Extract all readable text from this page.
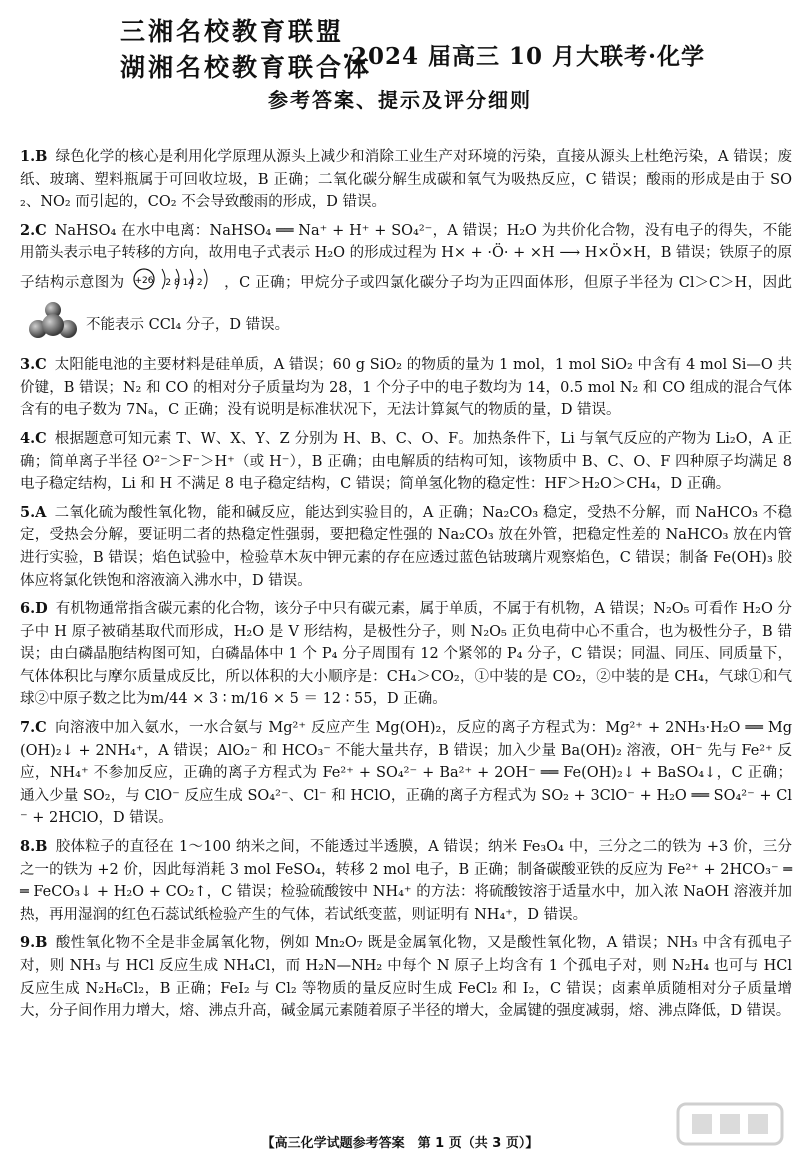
三湘名校教育联盟
湖湘名校教育联合体
·2024 届高三 10 月大联考·化学
参考答案、提示及评分细则

1.B 绿色化学的核心是利用化学原理从源头上减少和消除工业生产对环境的污染，直接从源头上杜绝污染，A 错误；废纸、玻璃、塑料瓶属于可回收垃圾，B 正确；二氧化碳分解生成碳和氧气为吸热反应，C 错误；酸雨的形成是由于 SO₂、NO₂ 而引起的，CO₂ 不会导致酸雨的形成，D 错误。

2.C NaHSO₄ 在水中电离：NaHSO₄ ══ Na⁺ + H⁺ + SO₄²⁻，A 错误；H₂O 为共价化合物，没有电子的得失，不能用箭头表示电子转移的方向，故用电子式表示 H₂O 的形成过程为 H× + ·Ö· + ×H ⟶ H×Ö×H，B 错误；铁原子的原子结构示意图为 +26 2 8 14 2 ，C 正确；甲烷分子或四氯化碳分子均为正四面体形，但原子半径为 Cl＞C＞H，因此 不能表示 CCl₄ 分子，D 错误。

3.C 太阳能电池的主要材料是硅单质，A 错误；60 g SiO₂ 的物质的量为 1 mol，1 mol SiO₂ 中含有 4 mol Si—O 共价键，B 错误；N₂ 和 CO 的相对分子质量均为 28，1 个分子中的电子数均为 14，0.5 mol N₂ 和 CO 组成的混合气体含有的电子数为 7Nₐ，C 正确；没有说明是标准状况下，无法计算氮气的物质的量，D 错误。

4.C 根据题意可知元素 T、W、X、Y、Z 分别为 H、B、C、O、F。加热条件下，Li 与氧气反应的产物为 Li₂O，A 正确；简单离子半径 O²⁻＞F⁻＞H⁺（或 H⁻），B 正确；由电解质的结构可知，该物质中 B、C、O、F 四种原子均满足 8 电子稳定结构，Li 和 H 不满足 8 电子稳定结构，C 错误；简单氢化物的稳定性：HF＞H₂O＞CH₄，D 正确。

5.A 二氧化硫为酸性氧化物，能和碱反应，能达到实验目的，A 正确；Na₂CO₃ 稳定，受热不分解，而 NaHCO₃ 不稳定，受热会分解，要证明二者的热稳定性强弱，要把稳定性强的 Na₂CO₃ 放在外管，把稳定性差的 NaHCO₃ 放在内管进行实验，B 错误；焰色试验中，检验草木灰中钾元素的存在应透过蓝色钴玻璃片观察焰色，C 错误；制备 Fe(OH)₃ 胶体应将氯化铁饱和溶液滴入沸水中，D 错误。

6.D 有机物通常指含碳元素的化合物，该分子中只有碳元素，属于单质，不属于有机物，A 错误；N₂O₅ 可看作 H₂O 分子中 H 原子被硝基取代而形成，H₂O 是 V 形结构，是极性分子，则 N₂O₅ 正负电荷中心不重合，也为极性分子，B 错误；由白磷晶胞结构图可知，白磷晶体中 1 个 P₄ 分子周围有 12 个紧邻的 P₄ 分子，C 错误；同温、同压、同质量下，气体体积比与摩尔质量成反比，所以体积的大小顺序是：CH₄＞CO₂，①中装的是 CO₂，②中装的是 CH₄，气球①和气球②中原子数之比为m/44 × 3 ∶ m/16 × 5 ＝ 12 ∶ 55，D 正确。

7.C 向溶液中加入氨水，一水合氨与 Mg²⁺ 反应产生 Mg(OH)₂，反应的离子方程式为：Mg²⁺ + 2NH₃·H₂O ══ Mg(OH)₂↓ + 2NH₄⁺，A 错误；AlO₂⁻ 和 HCO₃⁻ 不能大量共存，B 错误；加入少量 Ba(OH)₂ 溶液，OH⁻ 先与 Fe²⁺ 反应，NH₄⁺ 不参加反应，正确的离子方程式为 Fe²⁺ + SO₄²⁻ + Ba²⁺ + 2OH⁻ ══ Fe(OH)₂↓ + BaSO₄↓，C 正确；通入少量 SO₂，与 ClO⁻ 反应生成 SO₄²⁻、Cl⁻ 和 HClO，正确的离子方程式为 SO₂ + 3ClO⁻ + H₂O ══ SO₄²⁻ + Cl⁻ + 2HClO，D 错误。

8.B 胶体粒子的直径在 1～100 纳米之间，不能透过半透膜，A 错误；纳米 Fe₃O₄ 中，三分之二的铁为 +3 价，三分之一的铁为 +2 价，因此每消耗 3 mol FeSO₄，转移 2 mol 电子，B 正确；制备碳酸亚铁的反应为 Fe²⁺ + 2HCO₃⁻ ══ FeCO₃↓ + H₂O + CO₂↑，C 错误；检验硫酸铵中 NH₄⁺ 的方法：将硫酸铵溶于适量水中，加入浓 NaOH 溶液并加热，再用湿润的红色石蕊试纸检验产生的气体，若试纸变蓝，则证明有 NH₄⁺，D 错误。

9.B 酸性氧化物不全是非金属氧化物，例如 Mn₂O₇ 既是金属氧化物，又是酸性氧化物，A 错误；NH₃ 中含有孤电子对，则 NH₃ 与 HCl 反应生成 NH₄Cl，而 H₂N—NH₂ 中每个 N 原子上均含有 1 个孤电子对，则 N₂H₄ 也可与 HCl 反应生成 N₂H₆Cl₂，B 正确；FeI₂ 与 Cl₂ 等物质的量反应时生成 FeCl₂ 和 I₂，C 错误；卤素单质随相对分子质量增大，分子间作用力增大，熔、沸点升高，碱金属元素随着原子半径的增大，金属键的强度减弱，熔、沸点降低，D 错误。

【高三化学试题参考答案　第 1 页（共 3 页）】
